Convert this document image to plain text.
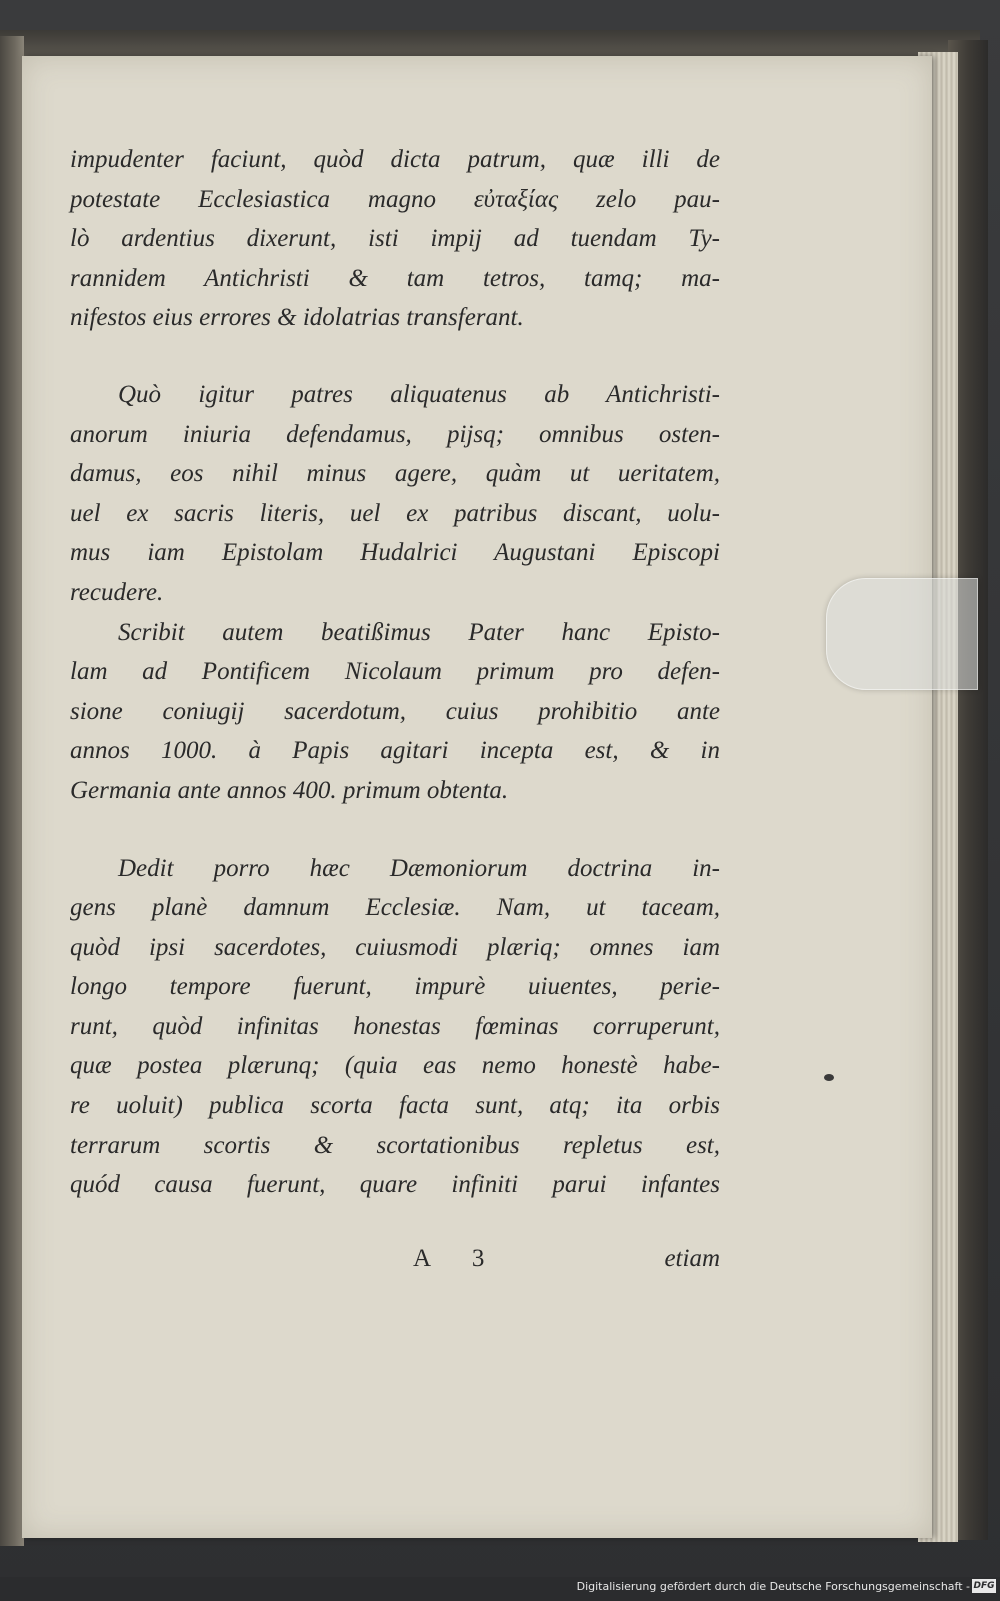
impudenter faciunt, quòd dicta patrum, quæ illi de
potestate Ecclesiastica magno εὐταξίας zelo pau-
lò ardentius dixerunt, isti impij ad tuendam Ty-
rannidem Antichristi & tam tetros, tamq; ma-
nifestos eius errores & idolatrias transferant.
Quò igitur patres aliquatenus ab Antichristi-
anorum iniuria defendamus, pijsq; omnibus osten-
damus, eos nihil minus agere, quàm ut ueritatem,
uel ex sacris literis, uel ex patribus discant, uolu-
mus iam Epistolam Hudalrici Augustani Episcopi
recudere.
Scribit autem beatißimus Pater hanc Episto-
lam ad Pontificem Nicolaum primum pro defen-
sione coniugij sacerdotum, cuius prohibitio ante
annos 1000. à Papis agitari incepta est, & in
Germania ante annos 400. primum obtenta.
Dedit porro hæc Dæmoniorum doctrina in-
gens planè damnum Ecclesiæ. Nam, ut taceam,
quòd ipsi sacerdotes, cuiusmodi plæriq; omnes iam
longo tempore fuerunt, impurè uiuentes, perie-
runt, quòd infinitas honestas fœminas corruperunt,
quæ postea plærunq; (quia eas nemo honestè habe-
re uoluit) publica scorta facta sunt, atq; ita orbis
terrarum scortis & scortationibus repletus est,
quód causa fuerunt, quare infiniti parui infantes
A 3	etiam
Digitalisierung gefördert durch die Deutsche Forschungsgemeinschaft - DFG
